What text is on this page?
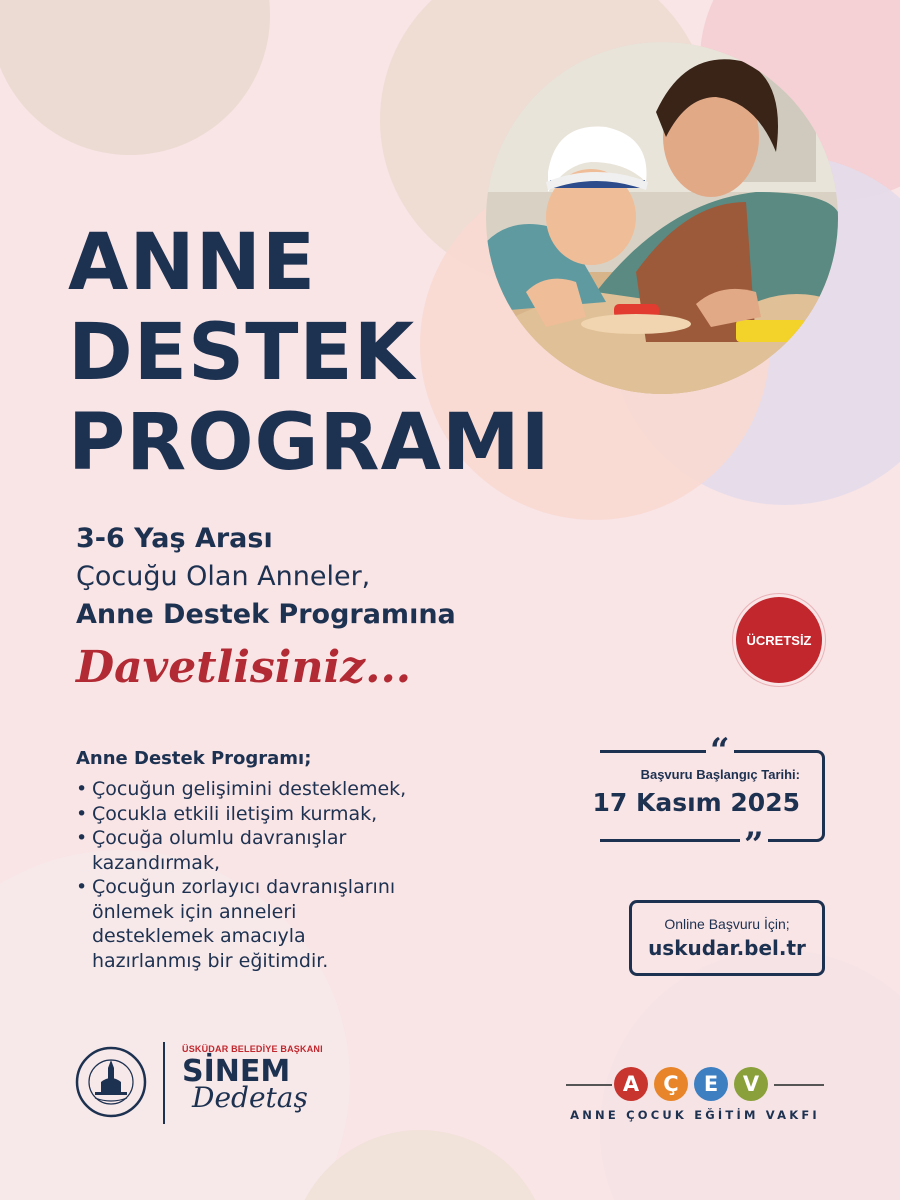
ANNE
DESTEK
PROGRAMI
3-6 Yaş Arası
Çocuğu Olan Anneler,
Anne Destek Programına
Davetlisiniz...
ÜCRETSİZ
Anne Destek Programı;
• Çocuğun gelişimini desteklemek,
• Çocukla etkili iletişim kurmak,
• Çocuğa olumlu davranışlar
kazandırmak,
• Çocuğun zorlayıcı davranışlarını
önlemek için anneleri
desteklemek amacıyla
hazırlanmış bir eğitimdir.
“
”
Başvuru Başlangıç Tarihi:
17 Kasım 2025
Online Başvuru İçin;
uskudar.bel.tr
ÜSKÜDAR BELEDİYE BAŞKANI
SİNEM
Dedetaş	A	Ç	E	V
ANNE ÇOCUK EĞİTİM VAKFI
